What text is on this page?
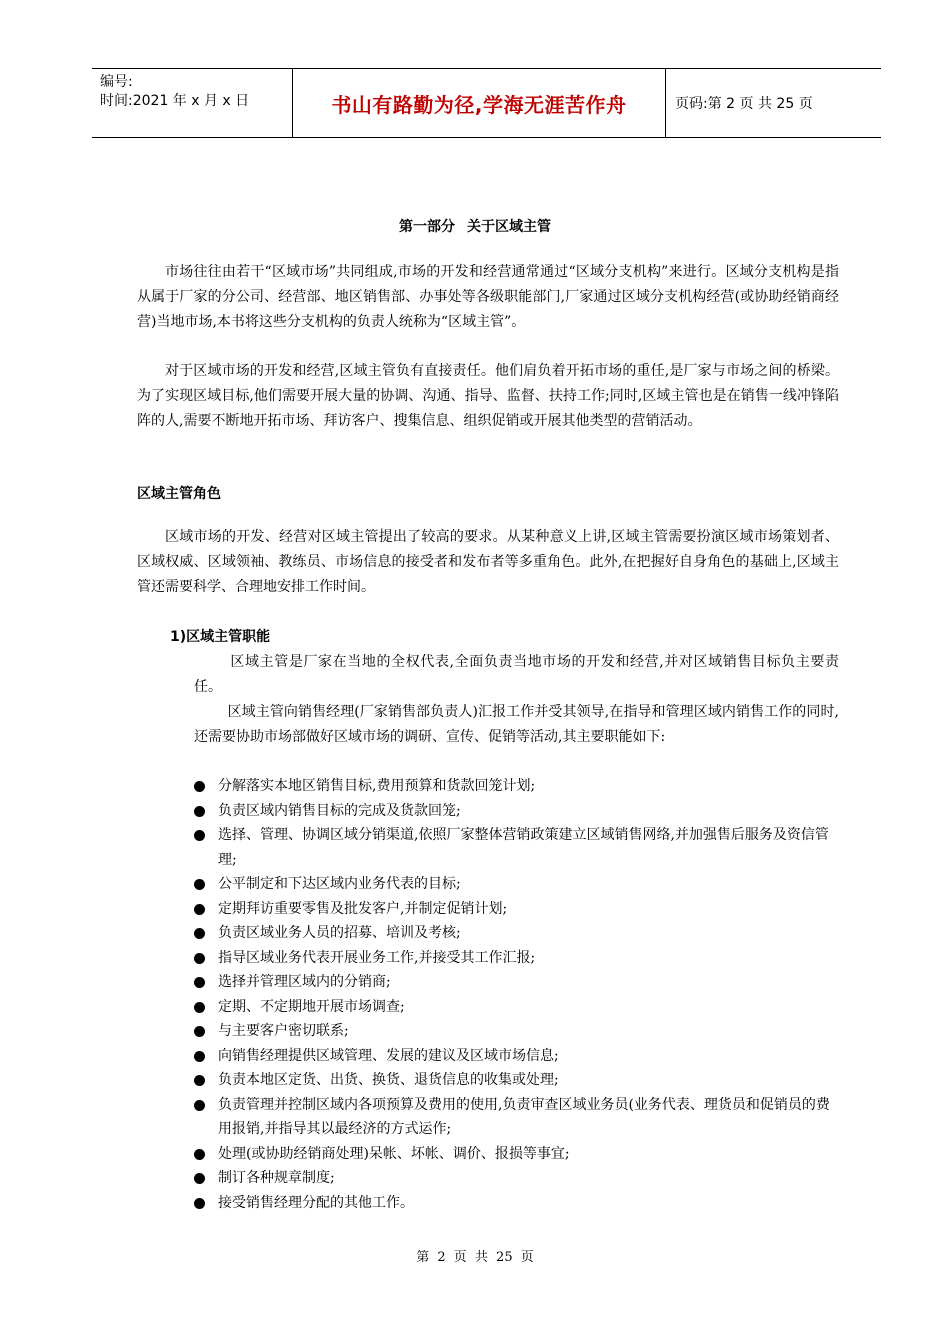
编号:
时间:2021 年 x 月 x 日	书山有路勤为径,学海无涯苦作舟	页码:第 2 页 共 25 页
第一部分 关于区域主管
市场往往由若干“区域市场”共同组成,市场的开发和经营通常通过“区域分支机构”来进行。区域分支机构是指从属于厂家的分公司、经营部、地区销售部、办事处等各级职能部门,厂家通过区域分支机构经营(或协助经销商经营)当地市场,本书将这些分支机构的负责人统称为“区域主管”。
对于区域市场的开发和经营,区域主管负有直接责任。他们肩负着开拓市场的重任,是厂家与市场之间的桥梁。为了实现区域目标,他们需要开展大量的协调、沟通、指导、监督、扶持工作;同时,区域主管也是在销售一线冲锋陷阵的人,需要不断地开拓市场、拜访客户、搜集信息、组织促销或开展其他类型的营销活动。
区域主管角色
区域市场的开发、经营对区域主管提出了较高的要求。从某种意义上讲,区域主管需要扮演区域市场策划者、区域权威、区域领袖、教练员、市场信息的接受者和发布者等多重角色。此外,在把握好自身角色的基础上,区域主管还需要科学、合理地安排工作时间。
1)区域主管职能
区域主管是厂家在当地的全权代表,全面负责当地市场的开发和经营,并对区域销售目标负主要责任。
区域主管向销售经理(厂家销售部负责人)汇报工作并受其领导,在指导和管理区域内销售工作的同时,还需要协助市场部做好区域市场的调研、宣传、促销等活动,其主要职能如下:
分解落实本地区销售目标,费用预算和货款回笼计划;
负责区域内销售目标的完成及货款回笼;
选择、管理、协调区域分销渠道,依照厂家整体营销政策建立区域销售网络,并加强售后服务及资信管理;
公平制定和下达区域内业务代表的目标;
定期拜访重要零售及批发客户,并制定促销计划;
负责区域业务人员的招募、培训及考核;
指导区域业务代表开展业务工作,并接受其工作汇报;
选择并管理区域内的分销商;
定期、不定期地开展市场调查;
与主要客户密切联系;
向销售经理提供区域管理、发展的建议及区域市场信息;
负责本地区定货、出货、换货、退货信息的收集或处理;
负责管理并控制区域内各项预算及费用的使用,负责审查区域业务员(业务代表、理货员和促销员的费用报销,并指导其以最经济的方式运作;
处理(或协助经销商处理)呆帐、坏帐、调价、报损等事宜;
制订各种规章制度;
接受销售经理分配的其他工作。
第 2 页 共 25 页
